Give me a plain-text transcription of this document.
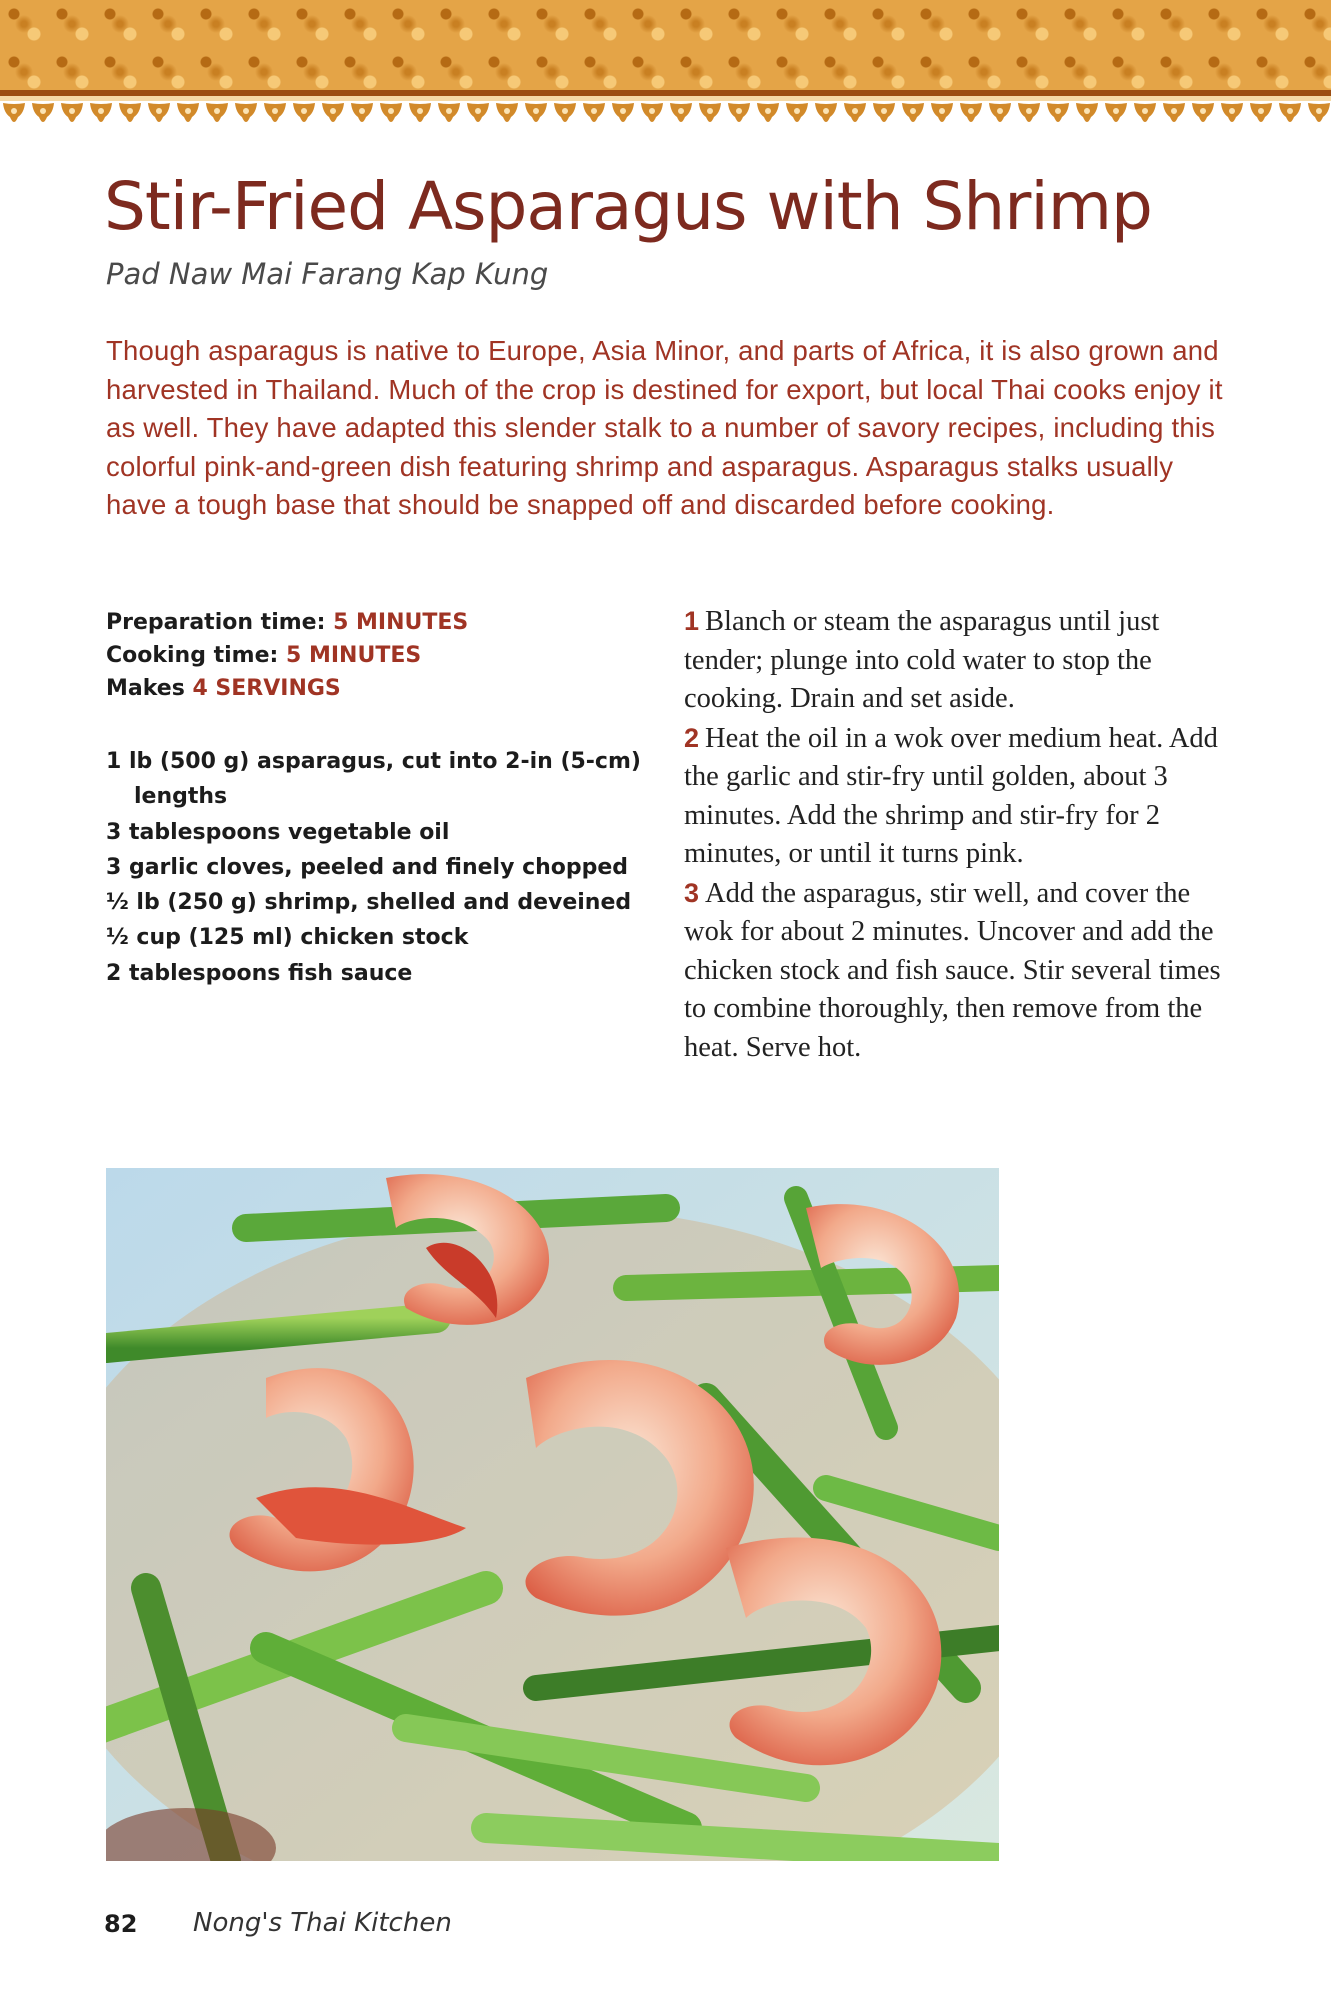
Stir-Fried Asparagus with Shrimp
Pad Naw Mai Farang Kap Kung

Though asparagus is native to Europe, Asia Minor, and parts of Africa, it is also grown and harvested in Thailand. Much of the crop is destined for export, but local Thai cooks enjoy it as well. They have adapted this slender stalk to a number of savory recipes, including this colorful pink-and-green dish featuring shrimp and asparagus. Asparagus stalks usually have a tough base that should be snapped off and discarded before cooking.

Preparation time: 5 MINUTES
Cooking time: 5 MINUTES
Makes 4 SERVINGS
1 lb (500 g) asparagus, cut into 2-in (5-cm) lengths
3 tablespoons vegetable oil
3 garlic cloves, peeled and finely chopped
½ lb (250 g) shrimp, shelled and deveined
½ cup (125 ml) chicken stock
2 tablespoons fish sauce
1 Blanch or steam the asparagus until just tender; plunge into cold water to stop the cooking. Drain and set aside.
2 Heat the oil in a wok over medium heat. Add the garlic and stir-fry until golden, about 3 minutes. Add the shrimp and stir-fry for 2 minutes, or until it turns pink.
3 Add the asparagus, stir well, and cover the wok for about 2 minutes. Uncover and add the chicken stock and fish sauce. Stir several times to combine thoroughly, then remove from the heat. Serve hot.
82 Nong's Thai Kitchen
